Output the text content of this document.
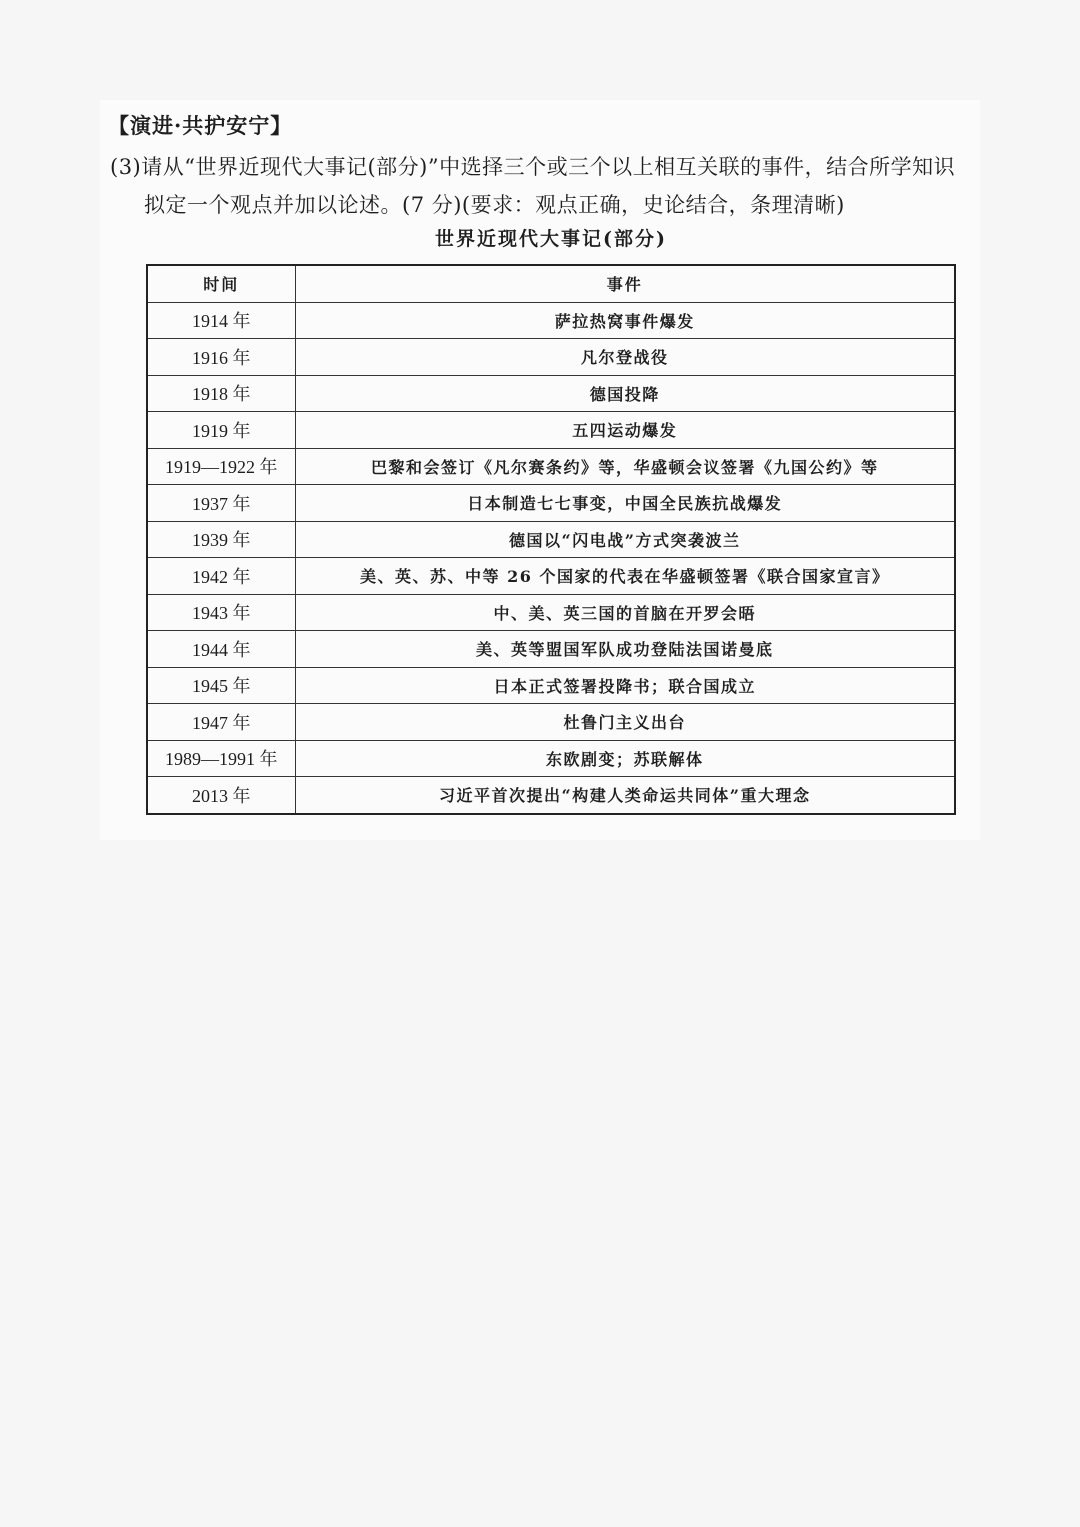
【演进·共护安宁】
(3)请从“世界近现代大事记(部分)”中选择三个或三个以上相互关联的事件，结合所学知识
拟定一个观点并加以论述。(7 分)(要求：观点正确，史论结合，条理清晰)
世界近现代大事记(部分)
时间	事件
1914 年	萨拉热窝事件爆发
1916 年	凡尔登战役
1918 年	德国投降
1919 年	五四运动爆发
1919—1922 年	巴黎和会签订《凡尔赛条约》等，华盛顿会议签署《九国公约》等
1937 年	日本制造七七事变，中国全民族抗战爆发
1939 年	德国以“闪电战”方式突袭波兰
1942 年	美、英、苏、中等 26 个国家的代表在华盛顿签署《联合国家宣言》
1943 年	中、美、英三国的首脑在开罗会晤
1944 年	美、英等盟国军队成功登陆法国诺曼底
1945 年	日本正式签署投降书；联合国成立
1947 年	杜鲁门主义出台
1989—1991 年	东欧剧变；苏联解体
2013 年	习近平首次提出“构建人类命运共同体”重大理念
